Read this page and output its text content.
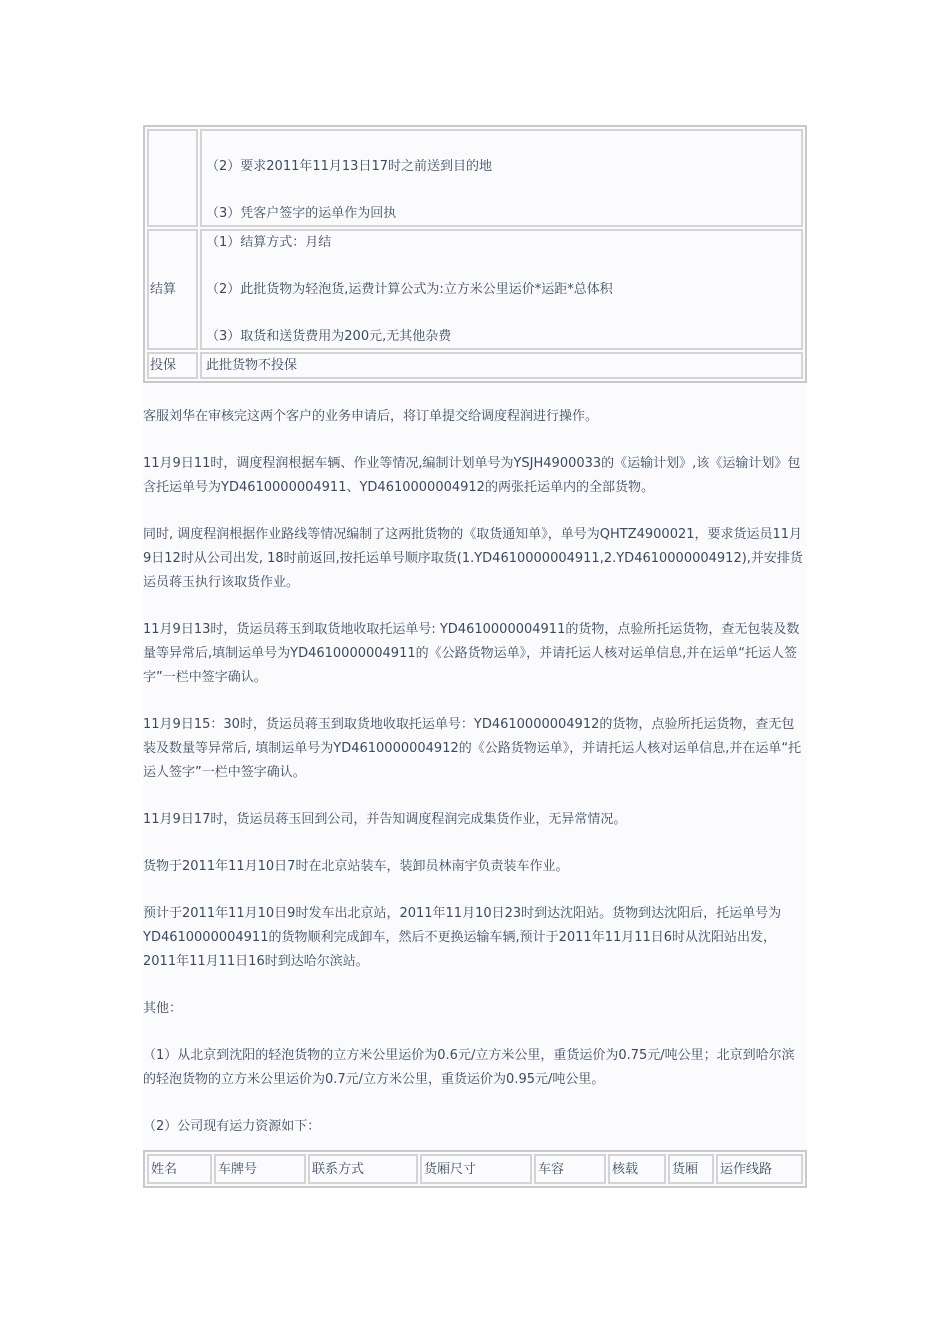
	（2）要求2011年11月13日17时之前送到目的地
（3）凭客户签字的运单作为回执

结算	（1）结算方式：月结
（2）此批货物为轻泡货,运费计算公式为:立方米公里运价*运距*总体积
（3）取货和送货费用为200元,无其他杂费

投保	此批货物不投保

客服刘华在审核完这两个客户的业务申请后，将订单提交给调度程润进行操作。

11月9日11时，调度程润根据车辆、作业等情况,编制计划单号为YSJH4900033的《运输计划》,该《运输计划》包含托运单号为YD4610000004911、YD4610000004912的两张托运单内的全部货物。

同时, 调度程润根据作业路线等情况编制了这两批货物的《取货通知单》，单号为QHTZ4900021，要求货运员11月9日12时从公司出发, 18时前返回,按托运单号顺序取货(1.YD4610000004911,2.YD4610000004912),并安排货运员蒋玉执行该取货作业。

11月9日13时，货运员蒋玉到取货地收取托运单号: YD4610000004911的货物，点验所托运货物，查无包装及数量等异常后,填制运单号为YD4610000004911的《公路货物运单》，并请托运人核对运单信息,并在运单“托运人签字”一栏中签字确认。

11月9日15：30时，货运员蒋玉到取货地收取托运单号：YD4610000004912的货物，点验所托运货物，查无包装及数量等异常后, 填制运单号为YD4610000004912的《公路货物运单》，并请托运人核对运单信息,并在运单“托运人签字”一栏中签字确认。

11月9日17时，货运员蒋玉回到公司，并告知调度程润完成集货作业，无异常情况。

货物于2011年11月10日7时在北京站装车，装卸员林南宇负责装车作业。

预计于2011年11月10日9时发车出北京站，2011年11月10日23时到达沈阳站。货物到达沈阳后，托运单号为YD4610000004911的货物顺利完成卸车，然后不更换运输车辆,预计于2011年11月11日6时从沈阳站出发，2011年11月11日16时到达哈尔滨站。

其他：

（1）从北京到沈阳的轻泡货物的立方米公里运价为0.6元/立方米公里，重货运价为0.75元/吨公里；北京到哈尔滨的轻泡货物的立方米公里运价为0.7元/立方米公里，重货运价为0.95元/吨公里。

（2）公司现有运力资源如下：

姓名	车牌号	联系方式	货厢尺寸	车容	核载	货厢	运作线路
